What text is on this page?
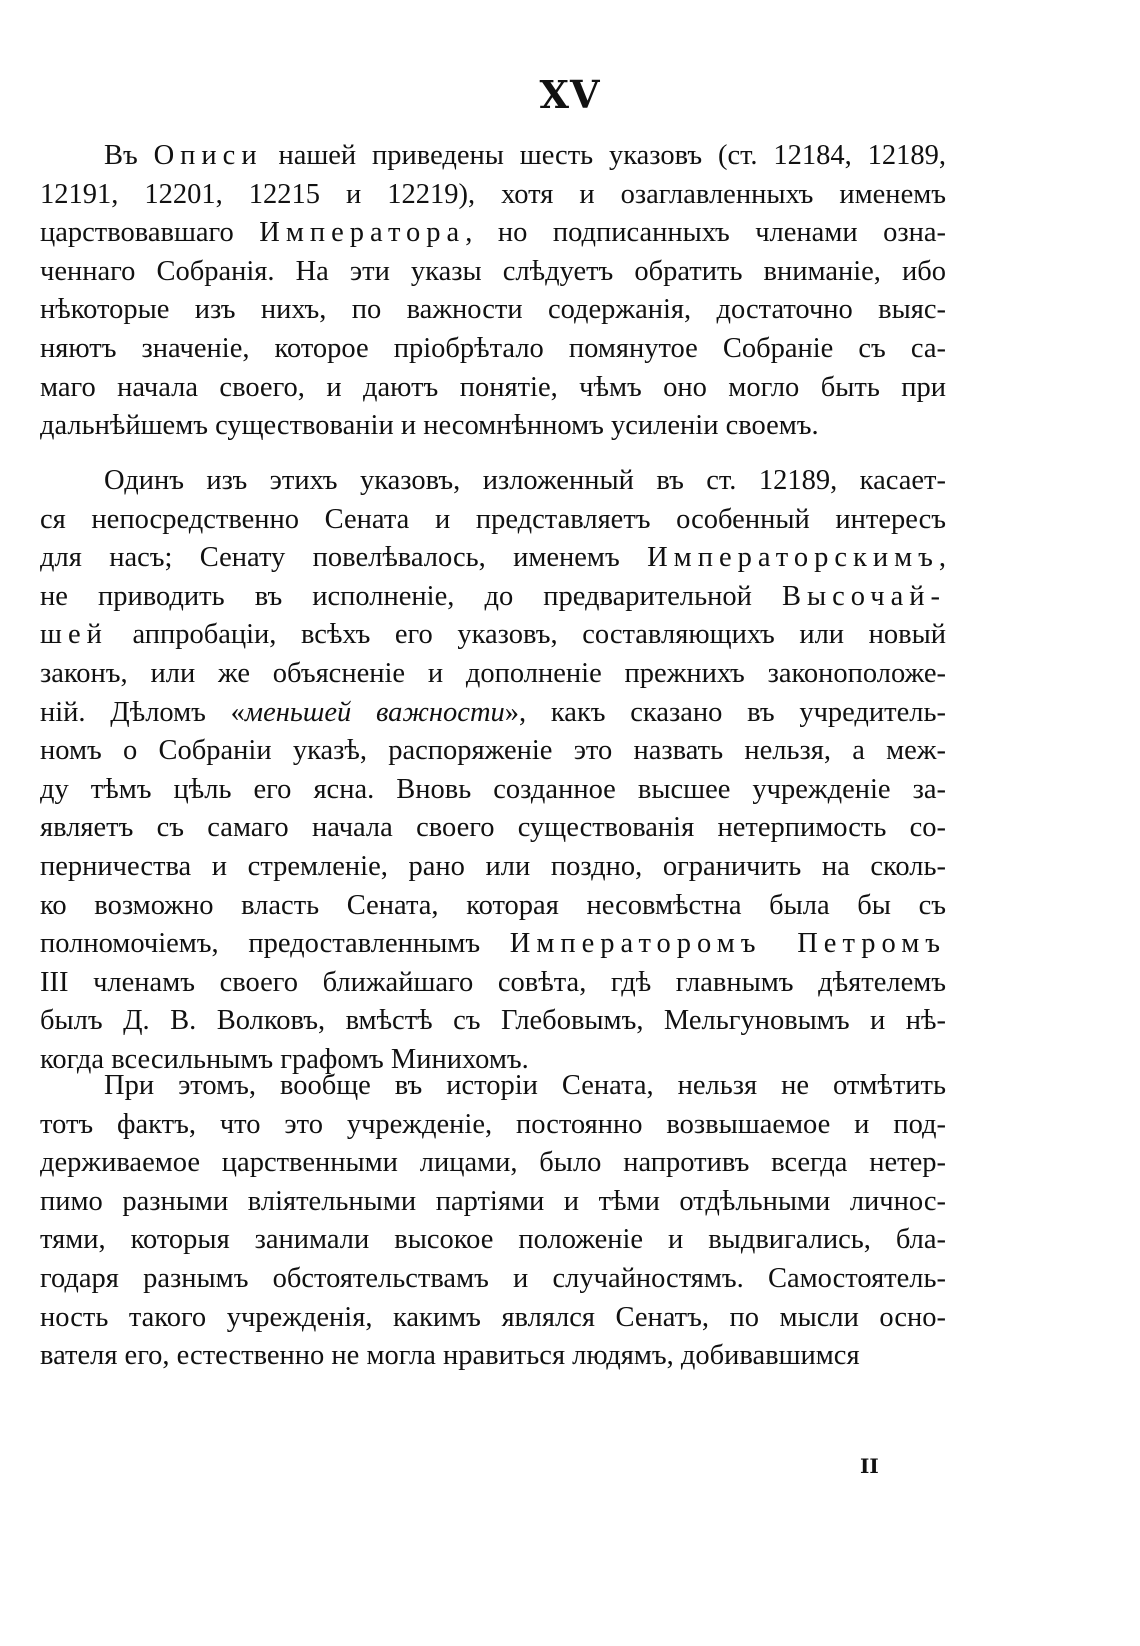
XV
Въ Описи нашей приведены шесть указовъ (ст. 12184, 12189,
12191, 12201, 12215 и 12219), хотя и озаглавленныхъ именемъ
царствовавшаго Императора, но подписанныхъ членами озна-
ченнаго Собранія. На эти указы слѣдуетъ обратить вниманіе, ибо
нѣкоторые изъ нихъ, по важности содержанія, достаточно выяс-
няютъ значеніе, которое пріобрѣтало помянутое Собраніе съ са-
маго начала своего, и даютъ понятіе, чѣмъ оно могло быть при
дальнѣйшемъ существованіи и несомнѣнномъ усиленіи своемъ.
Одинъ изъ этихъ указовъ, изложенный въ ст. 12189, касает-
ся непосредственно Сената и представляетъ особенный интересъ
для насъ; Сенату повелѣвалось, именемъ Императорскимъ,
не приводить въ исполненіе, до предварительной Высочай-
шей аппробаціи, всѣхъ его указовъ, составляющихъ или новый
законъ, или же объясненіе и дополненіе прежнихъ законоположе-
ній. Дѣломъ «меньшей важности», какъ сказано въ учредитель-
номъ о Собраніи указѣ, распоряженіе это назвать нельзя, а меж-
ду тѣмъ цѣль его ясна. Вновь созданное высшее учрежденіе за-
являетъ съ самаго начала своего существованія нетерпимость со-
перничества и стремленіе, рано или поздно, ограничить на сколь-
ко возможно власть Сената, которая несовмѣстна была бы съ
полномочіемъ, предоставленнымъ Императоромъ Петромъ
III членамъ своего ближайшаго совѣта, гдѣ главнымъ дѣятелемъ
былъ Д. В. Волковъ, вмѣстѣ съ Глебовымъ, Мельгуновымъ и нѣ-
когда всесильнымъ графомъ Минихомъ.
При этомъ, вообще въ исторіи Сената, нельзя не отмѣтить
тотъ фактъ, что это учрежденіе, постоянно возвышаемое и под-
держиваемое царственными лицами, было напротивъ всегда нетер-
пимо разными вліятельными партіями и тѣми отдѣльными личнос-
тями, которыя занимали высокое положеніе и выдвигались, бла-
годаря разнымъ обстоятельствамъ и случайностямъ. Самостоятель-
ность такого учрежденія, какимъ являлся Сенатъ, по мысли осно-
вателя его, естественно не могла нравиться людямъ, добивавшимся
II
